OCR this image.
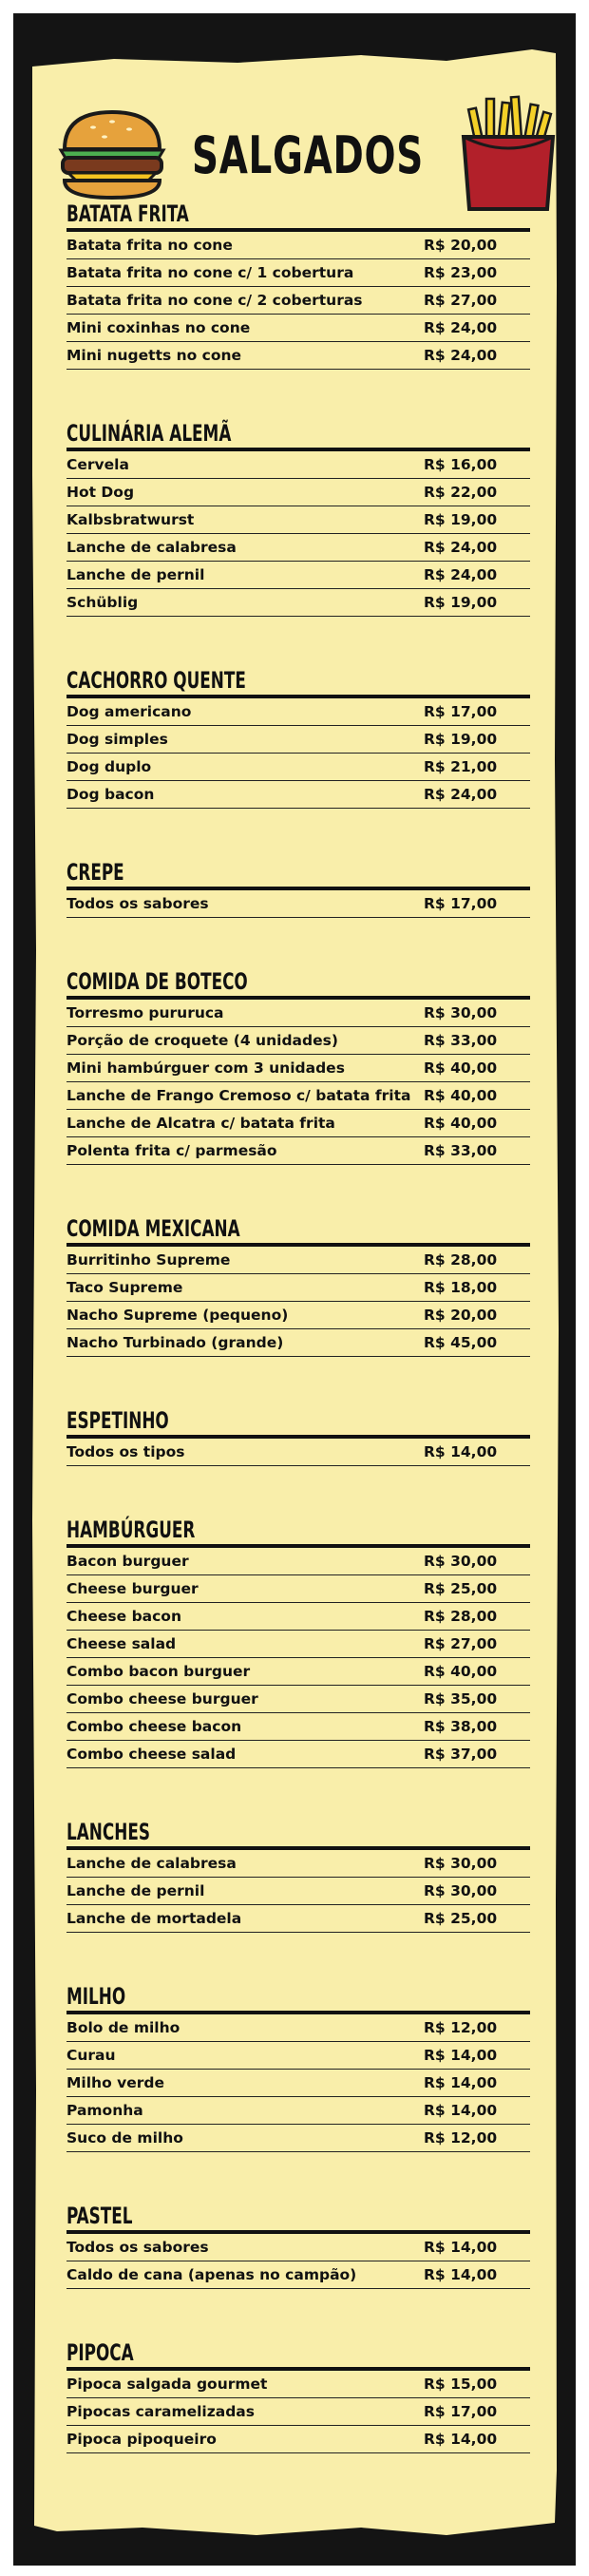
SALGADOS
BATATA FRITA
Batata frita no cone	R$ 20,00
Batata frita no cone c/ 1 cobertura	R$ 23,00
Batata frita no cone c/ 2 coberturas	R$ 27,00
Mini coxinhas no cone	R$ 24,00
Mini nugetts no cone	R$ 24,00
CULINÁRIA ALEMÃ
Cervela	R$ 16,00
Hot Dog	R$ 22,00
Kalbsbratwurst	R$ 19,00
Lanche de calabresa	R$ 24,00
Lanche de pernil	R$ 24,00
Schüblig	R$ 19,00
CACHORRO QUENTE
Dog americano	R$ 17,00
Dog simples	R$ 19,00
Dog duplo	R$ 21,00
Dog bacon	R$ 24,00
CREPE
Todos os sabores	R$ 17,00
COMIDA DE BOTECO
Torresmo pururuca	R$ 30,00
Porção de croquete (4 unidades)	R$ 33,00
Mini hambúrguer com 3 unidades	R$ 40,00
Lanche de Frango Cremoso c/ batata frita R$ 40,00
Lanche de Alcatra c/ batata frita	R$ 40,00
Polenta frita c/ parmesão	R$ 33,00
COMIDA MEXICANA
Burritinho Supreme	R$ 28,00
Taco Supreme	R$ 18,00
Nacho Supreme (pequeno)	R$ 20,00
Nacho Turbinado (grande)	R$ 45,00
ESPETINHO
Todos os tipos	R$ 14,00
HAMBÚRGUER
Bacon burguer	R$ 30,00
Cheese burguer	R$ 25,00
Cheese bacon	R$ 28,00
Cheese salad	R$ 27,00
Combo bacon burguer	R$ 40,00
Combo cheese burguer	R$ 35,00
Combo cheese bacon	R$ 38,00
Combo cheese salad	R$ 37,00
LANCHES
Lanche de calabresa	R$ 30,00
Lanche de pernil	R$ 30,00
Lanche de mortadela	R$ 25,00
MILHO
Bolo de milho	R$ 12,00
Curau	R$ 14,00
Milho verde	R$ 14,00
Pamonha	R$ 14,00
Suco de milho	R$ 12,00
PASTEL
Todos os sabores	R$ 14,00
Caldo de cana (apenas no campão)	R$ 14,00
PIPOCA
Pipoca salgada gourmet	R$ 15,00
Pipocas caramelizadas	R$ 17,00
Pipoca pipoqueiro	R$ 14,00
